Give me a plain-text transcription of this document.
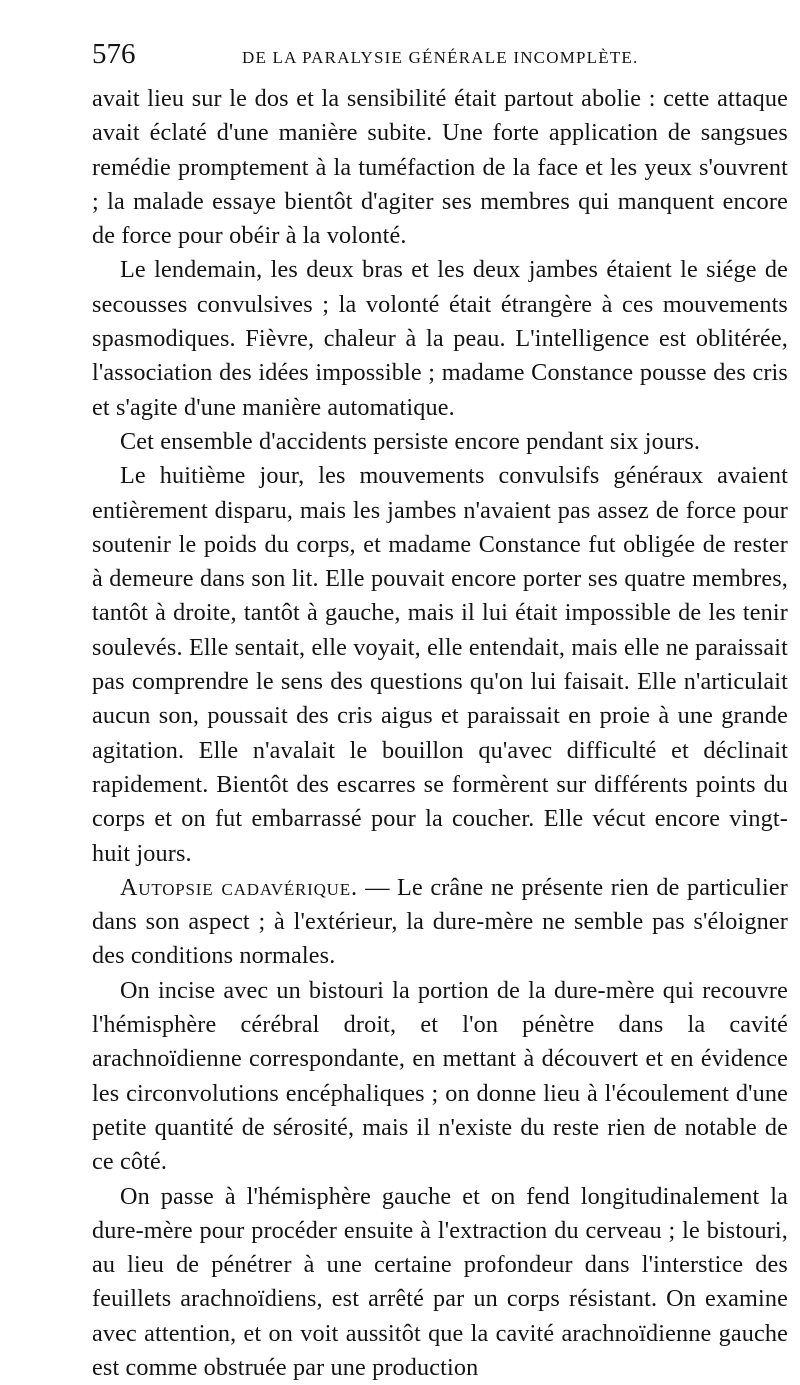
576	DE LA PARALYSIE GÉNÉRALE INCOMPLÈTE.

avait lieu sur le dos et la sensibilité était partout abolie : cette attaque avait éclaté d'une manière subite. Une forte application de sangsues remédie promptement à la tuméfaction de la face et les yeux s'ouvrent ; la malade essaye bientôt d'agiter ses membres qui manquent encore de force pour obéir à la volonté.

Le lendemain, les deux bras et les deux jambes étaient le siége de secousses convulsives ; la volonté était étrangère à ces mouvements spasmodiques. Fièvre, chaleur à la peau. L'intelligence est oblitérée, l'association des idées impossible ; madame Constance pousse des cris et s'agite d'une manière automatique.

Cet ensemble d'accidents persiste encore pendant six jours.

Le huitième jour, les mouvements convulsifs généraux avaient entièrement disparu, mais les jambes n'avaient pas assez de force pour soutenir le poids du corps, et madame Constance fut obligée de rester à demeure dans son lit. Elle pouvait encore porter ses quatre membres, tantôt à droite, tantôt à gauche, mais il lui était impossible de les tenir soulevés. Elle sentait, elle voyait, elle entendait, mais elle ne paraissait pas comprendre le sens des questions qu'on lui faisait. Elle n'articulait aucun son, poussait des cris aigus et paraissait en proie à une grande agitation. Elle n'avalait le bouillon qu'avec difficulté et déclinait rapidement. Bientôt des escarres se formèrent sur différents points du corps et on fut embarrassé pour la coucher. Elle vécut encore vingt-huit jours.

Autopsie cadavérique. — Le crâne ne présente rien de particulier dans son aspect ; à l'extérieur, la dure-mère ne semble pas s'éloigner des conditions normales.

On incise avec un bistouri la portion de la dure-mère qui recouvre l'hémisphère cérébral droit, et l'on pénètre dans la cavité arachnoïdienne correspondante, en mettant à découvert et en évidence les circonvolutions encéphaliques ; on donne lieu à l'écoulement d'une petite quantité de sérosité, mais il n'existe du reste rien de notable de ce côté.

On passe à l'hémisphère gauche et on fend longitudinalement la dure-mère pour procéder ensuite à l'extraction du cerveau ; le bistouri, au lieu de pénétrer à une certaine profondeur dans l'interstice des feuillets arachnoïdiens, est arrêté par un corps résistant. On examine avec attention, et on voit aussitôt que la cavité arachnoïdienne gauche est comme obstruée par une production
